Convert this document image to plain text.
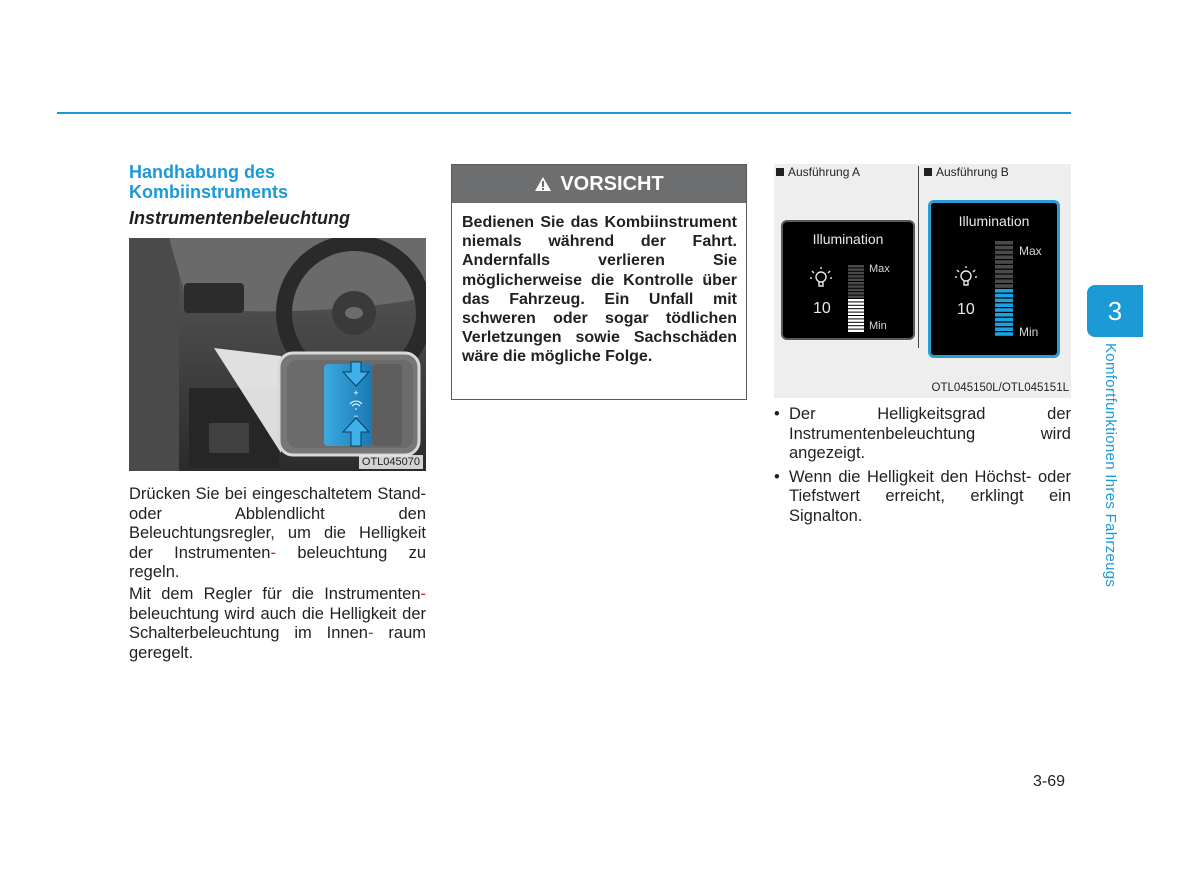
Handhabung des Kombiinstruments
Instrumentenbeleuchtung
+
−
OTL045070
Drücken Sie bei eingeschaltetem Stand- oder Abblendlicht den Beleuchtungsregler, um die Helligkeit der Instrumenten- beleuchtung zu regeln.
Mit dem Regler für die Instrumenten- beleuchtung wird auch die Helligkeit der Schalterbeleuchtung im Innen- raum geregelt.
VORSICHT
Bedienen Sie das Kombiinstrument niemals während der Fahrt. Andernfalls verlieren Sie möglicherweise die Kontrolle über das Fahrzeug. Ein Unfall mit schweren oder sogar tödlichen Verletzungen sowie Sachschäden wäre die mögliche Folge.
Ausführung A	Ausführung B
Illumination
10
Max
Min
Illumination
10
Max
Min
OTL045150L/OTL045151L
• Der Helligkeitsgrad der Instrumentenbeleuchtung wird angezeigt.
• Wenn die Helligkeit den Höchst- oder Tiefstwert erreicht, erklingt ein Signalton.
3
Komfortfunktionen Ihres Fahrzeugs
3-69
